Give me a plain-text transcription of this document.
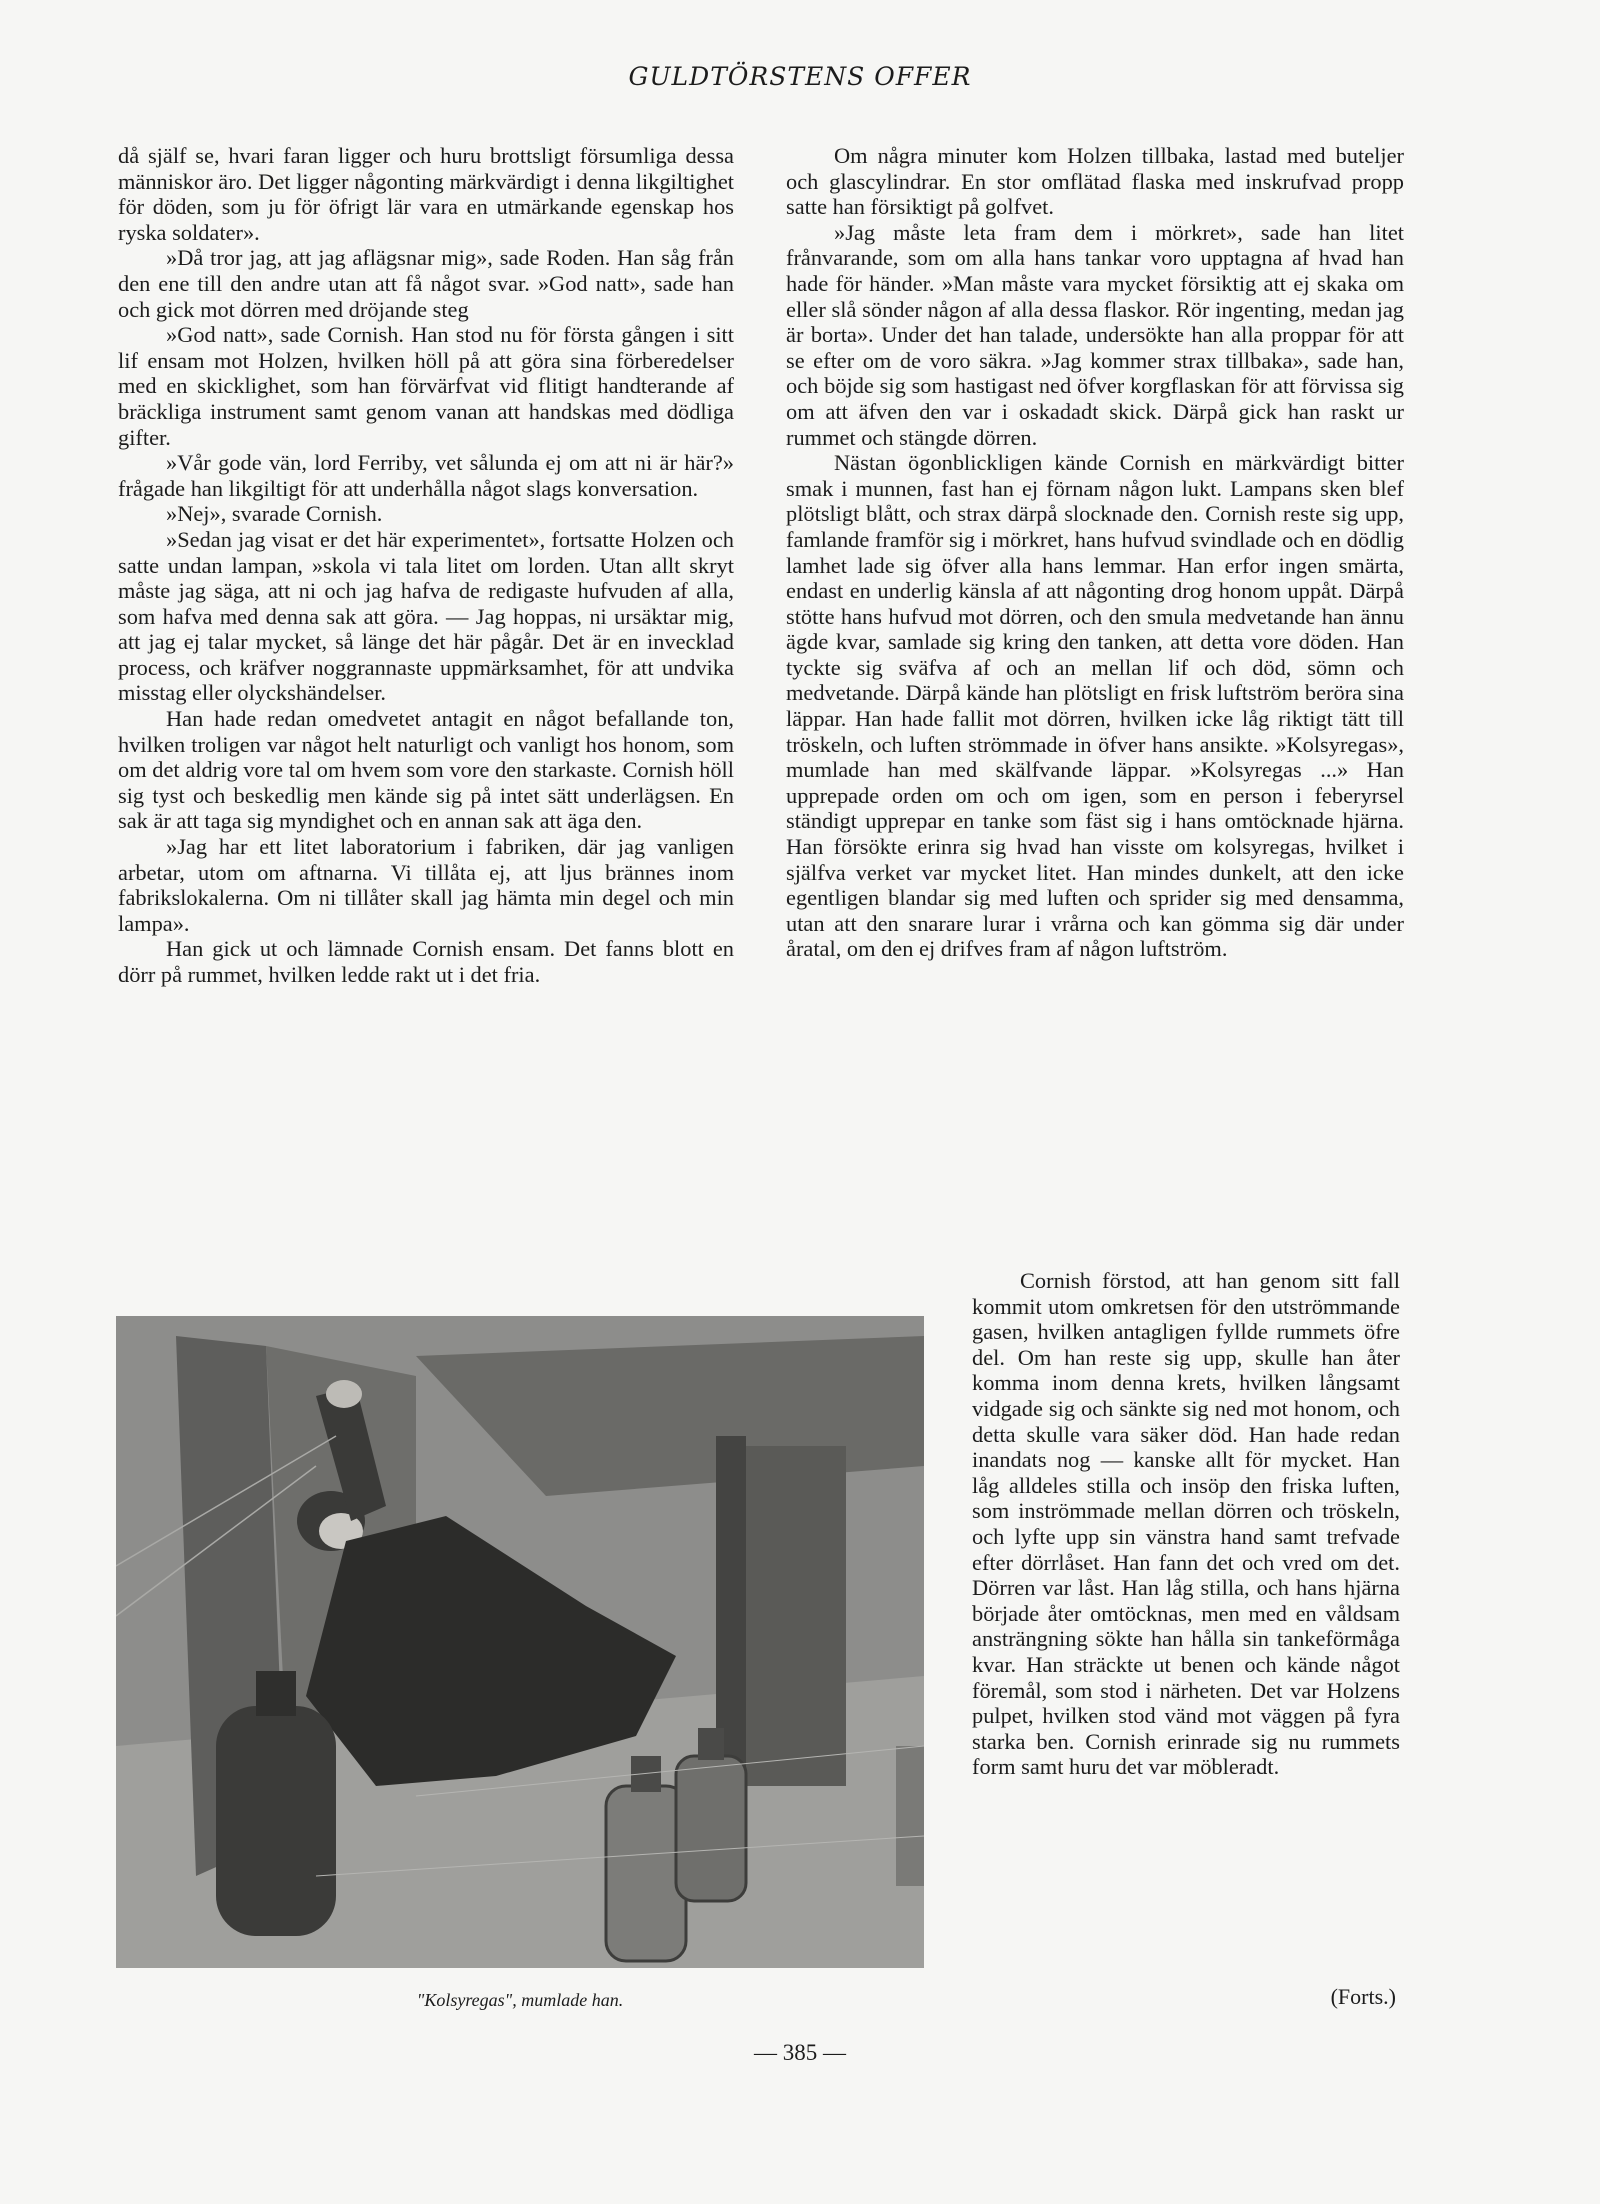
GULDTÖRSTENS OFFER

då själf se, hvari faran ligger och huru brottsligt försumliga dessa människor äro. Det ligger någonting märkvärdigt i denna likgiltighet för döden, som ju för öfrigt lär vara en utmärkande egenskap hos ryska soldater».

»Då tror jag, att jag aflägsnar mig», sade Roden. Han såg från den ene till den andre utan att få något svar. »God natt», sade han och gick mot dörren med dröjande steg

»God natt», sade Cornish. Han stod nu för första gången i sitt lif ensam mot Holzen, hvilken höll på att göra sina förberedelser med en skicklighet, som han förvärfvat vid flitigt handterande af bräckliga instrument samt genom vanan att handskas med dödliga gifter.

»Vår gode vän, lord Ferriby, vet sålunda ej om att ni är här?» frågade han likgiltigt för att underhålla något slags konversation.

»Nej», svarade Cornish.

»Sedan jag visat er det här experimentet», fortsatte Holzen och satte undan lampan, »skola vi tala litet om lorden. Utan allt skryt måste jag säga, att ni och jag hafva de redigaste hufvuden af alla, som hafva med denna sak att göra. — Jag hoppas, ni ursäktar mig, att jag ej talar mycket, så länge det här pågår. Det är en invecklad process, och kräfver noggrannaste uppmärksamhet, för att undvika misstag eller olyckshändelser.

Han hade redan omedvetet antagit en något befallande ton, hvilken troligen var något helt naturligt och vanligt hos honom, som om det aldrig vore tal om hvem som vore den starkaste. Cornish höll sig tyst och beskedlig men kände sig på intet sätt underlägsen. En sak är att taga sig myndighet och en annan sak att äga den.

»Jag har ett litet laboratorium i fabriken, där jag vanligen arbetar, utom om aftnarna. Vi tillåta ej, att ljus brännes inom fabrikslokalerna. Om ni tillåter skall jag hämta min degel och min lampa».

Han gick ut och lämnade Cornish ensam. Det fanns blott en dörr på rummet, hvilken ledde rakt ut i det fria.

Om några minuter kom Holzen tillbaka, lastad med buteljer och glascylindrar. En stor omflätad flaska med inskrufvad propp satte han försiktigt på golfvet.

»Jag måste leta fram dem i mörkret», sade han litet frånvarande, som om alla hans tankar voro upptagna af hvad han hade för händer. »Man måste vara mycket försiktig att ej skaka om eller slå sönder någon af alla dessa flaskor. Rör ingenting, medan jag är borta». Under det han talade, undersökte han alla proppar för att se efter om de voro säkra. »Jag kommer strax tillbaka», sade han, och böjde sig som hastigast ned öfver korgflaskan för att förvissa sig om att äfven den var i oskadadt skick. Därpå gick han raskt ur rummet och stängde dörren.

Nästan ögonblickligen kände Cornish en märkvärdigt bitter smak i munnen, fast han ej förnam någon lukt. Lampans sken blef plötsligt blått, och strax därpå slocknade den. Cornish reste sig upp, famlande framför sig i mörkret, hans hufvud svindlade och en dödlig lamhet lade sig öfver alla hans lemmar. Han erfor ingen smärta, endast en underlig känsla af att någonting drog honom uppåt. Därpå stötte hans hufvud mot dörren, och den smula medvetande han ännu ägde kvar, samlade sig kring den tanken, att detta vore döden. Han tyckte sig sväfva af och an mellan lif och död, sömn och medvetande. Därpå kände han plötsligt en frisk luftström beröra sina läppar. Han hade fallit mot dörren, hvilken icke låg riktigt tätt till tröskeln, och luften strömmade in öfver hans ansikte. »Kolsyregas», mumlade han med skälfvande läppar. »Kolsyregas ...» Han upprepade orden om och om igen, som en person i feberyrsel ständigt upprepar en tanke som fäst sig i hans omtöcknade hjärna. Han försökte erinra sig hvad han visste om kolsyregas, hvilket i själfva verket var mycket litet. Han mindes dunkelt, att den icke egentligen blandar sig med luften och sprider sig med densamma, utan att den snarare lurar i vrårna och kan gömma sig där under åratal, om den ej drifves fram af någon luftström.

Cornish förstod, att han genom sitt fall kommit utom omkretsen för den utströmmande gasen, hvilken antagligen fyllde rummets öfre del. Om han reste sig upp, skulle han åter komma inom denna krets, hvilken långsamt vidgade sig och sänkte sig ned mot honom, och detta skulle vara säker död. Han hade redan inandats nog — kanske allt för mycket. Han låg alldeles stilla och insöp den friska luften, som inströmmade mellan dörren och tröskeln, och lyfte upp sin vänstra hand samt trefvade efter dörrlåset. Han fann det och vred om det. Dörren var låst. Han låg stilla, och hans hjärna började åter omtöcknas, men med en våldsam ansträngning sökte han hålla sin tankeförmåga kvar. Han sträckte ut benen och kände något föremål, som stod i närheten. Det var Holzens pulpet, hvilken stod vänd mot väggen på fyra starka ben. Cornish erinrade sig nu rummets form samt huru det var möbleradt.

"Kolsyregas", mumlade han.	(Forts.)
— 385 —
